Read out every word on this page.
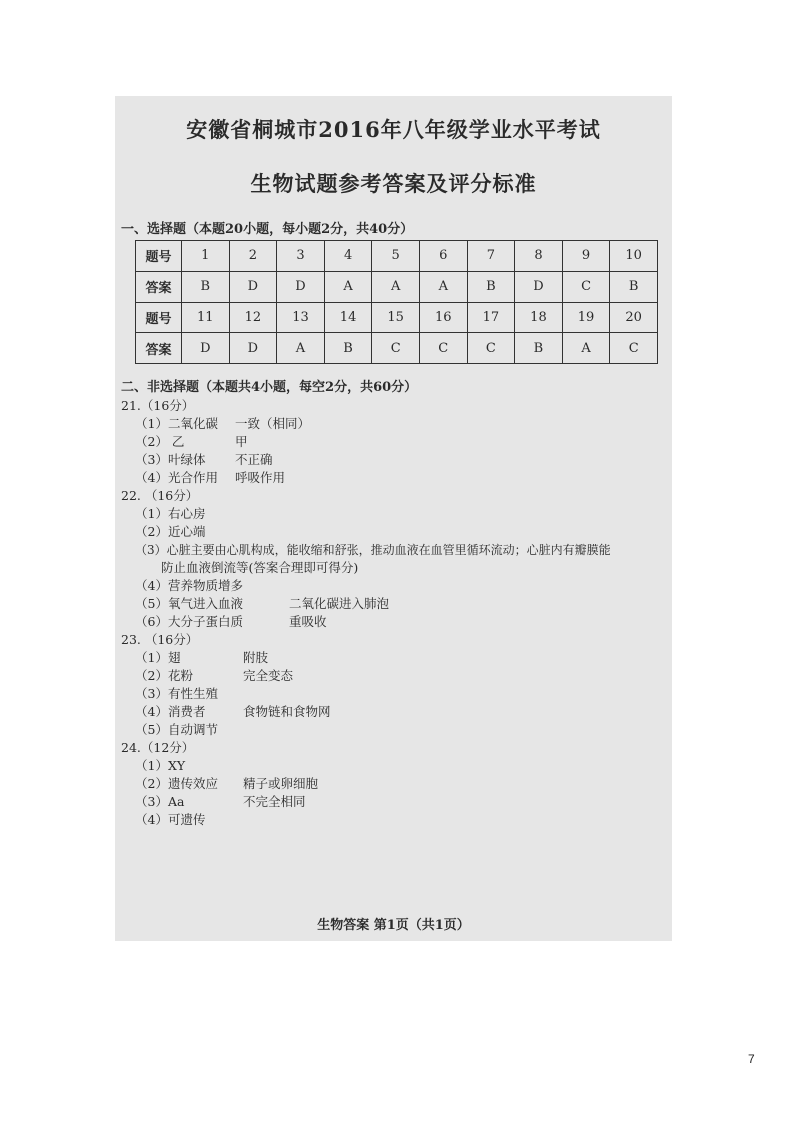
安徽省桐城市2016年八年级学业水平考试
生物试题参考答案及评分标准
一、选择题（本题20小题，每小题2分，共40分）
题号	1	2	3	4	5	6	7	8	9	10
答案	B	D	D	A	A	A	B	D	C	B
题号	11	12	13	14	15	16	17	18	19	20
答案	D	D	A	B	C	C	C	B	A	C
二、非选择题（本题共4小题，每空2分，共60分）
21.（16分）
（1）二氧化碳 一致（相同）
（2） 乙	甲
（3）叶绿体 不正确
（4）光合作用 呼吸作用
22. （16分）
（1）右心房
（2）近心端
（3）心脏主要由心肌构成，能收缩和舒张，推动血液在血管里循环流动；心脏内有瓣膜能
防止血液倒流等(答案合理即可得分)
（4）营养物质增多
（5）氧气进入血液	二氧化碳进入肺泡
（6）大分子蛋白质	重吸收
23. （16分）
（1）翅	附肢
（2）花粉	完全变态
（3）有性生殖
（4）消费者	食物链和食物网
（5）自动调节
24.（12分）
（1）XY
（2）遗传效应 精子或卵细胞
（3）Aa	不完全相同
（4）可遗传
生物答案 第1页（共1页）
7
